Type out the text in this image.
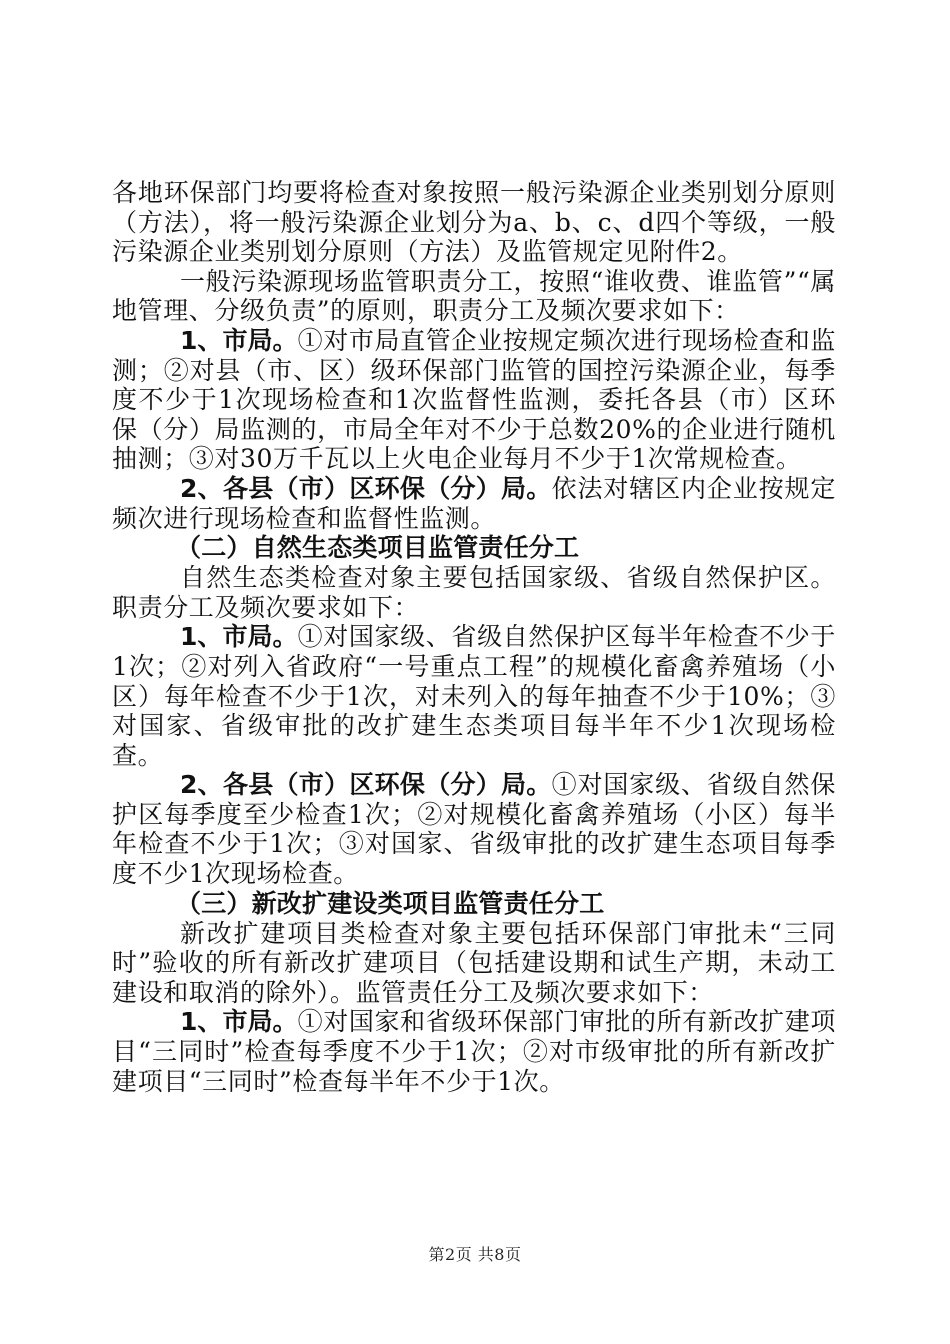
各地环保部门均要将检查对象按照一般污染源企业类别划分原则（方法），将一般污染源企业划分为a、b、c、d四个等级，一般污染源企业类别划分原则（方法）及监管规定见附件2。

一般污染源现场监管职责分工，按照“谁收费、谁监管”“属地管理、分级负责”的原则，职责分工及频次要求如下：

1、市局。①对市局直管企业按规定频次进行现场检查和监测；②对县（市、区）级环保部门监管的国控污染源企业，每季度不少于1次现场检查和1次监督性监测，委托各县（市）区环保（分）局监测的，市局全年对不少于总数20%的企业进行随机抽测；③对30万千瓦以上火电企业每月不少于1次常规检查。

2、各县（市）区环保（分）局。依法对辖区内企业按规定频次进行现场检查和监督性监测。

（二）自然生态类项目监管责任分工

自然生态类检查对象主要包括国家级、省级自然保护区。职责分工及频次要求如下：

1、市局。①对国家级、省级自然保护区每半年检查不少于1次；②对列入省政府“一号重点工程”的规模化畜禽养殖场（小区）每年检查不少于1次，对未列入的每年抽查不少于10%；③对国家、省级审批的改扩建生态类项目每半年不少1次现场检查。

2、各县（市）区环保（分）局。①对国家级、省级自然保护区每季度至少检查1次；②对规模化畜禽养殖场（小区）每半年检查不少于1次；③对国家、省级审批的改扩建生态项目每季度不少1次现场检查。

（三）新改扩建设类项目监管责任分工

新改扩建项目类检查对象主要包括环保部门审批未“三同时”验收的所有新改扩建项目（包括建设期和试生产期，未动工建设和取消的除外）。监管责任分工及频次要求如下：

1、市局。①对国家和省级环保部门审批的所有新改扩建项目“三同时”检查每季度不少于1次；②对市级审批的所有新改扩建项目“三同时”检查每半年不少于1次。

第2页 共8页
